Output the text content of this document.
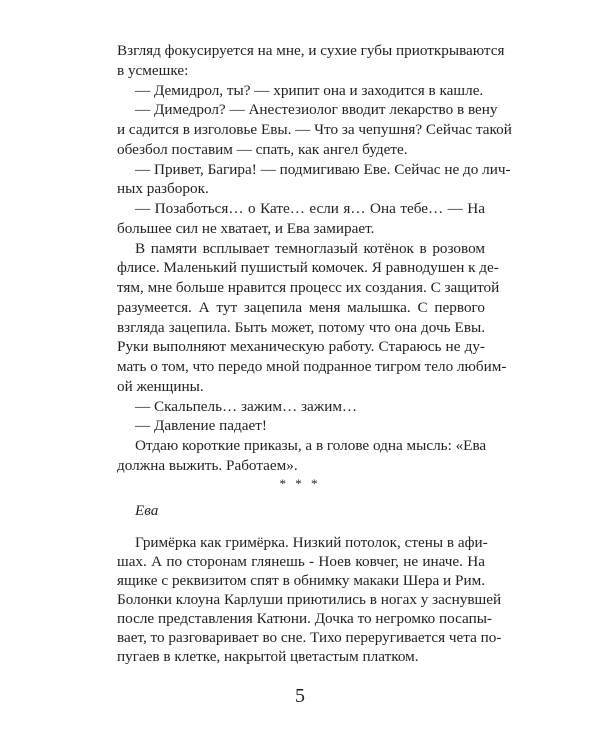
Взгляд фокусируется на мне, и сухие губы приоткрываются
в усмешке:
— Демидрол, ты? — хрипит она и заходится в кашле.
— Димедрол? — Анестезиолог вводит лекарство в вену
и садится в изголовье Евы. — Что за чепушня? Сейчас такой
обезбол поставим — спать, как ангел будете.
— Привет, Багира! — подмигиваю Еве. Сейчас не до лич-
ных разборок.
— Позаботься… о Кате… если я… Она тебе… — На
большее сил не хватает, и Ева замирает.
В памяти всплывает темноглазый котёнок в розовом
флисе. Маленький пушистый комочек. Я равнодушен к де-
тям, мне больше нравится процесс их создания. С защитой
разумеется. А тут зацепила меня малышка. С первого
взгляда зацепила. Быть может, потому что она дочь Евы.
Руки выполняют механическую работу. Стараюсь не ду-
мать о том, что передо мной подранное тигром тело любим-
ой женщины.
— Скальпель… зажим… зажим…
— Давление падает!
Отдаю короткие приказы, а в голове одна мысль: «Ева
должна выжить. Работаем».
* * *
Ева
Гримёрка как гримёрка. Низкий потолок, стены в афи-
шах. А по сторонам глянешь - Ноев ковчег, не иначе. На
ящике с реквизитом спят в обнимку макаки Шера и Рим.
Болонки клоуна Карлуши приютились в ногах у заснувшей
после представления Катюни. Дочка то негромко посапы-
вает, то разговаривает во сне. Тихо переругивается чета по-
пугаев в клетке, накрытой цветастым платком.
5
